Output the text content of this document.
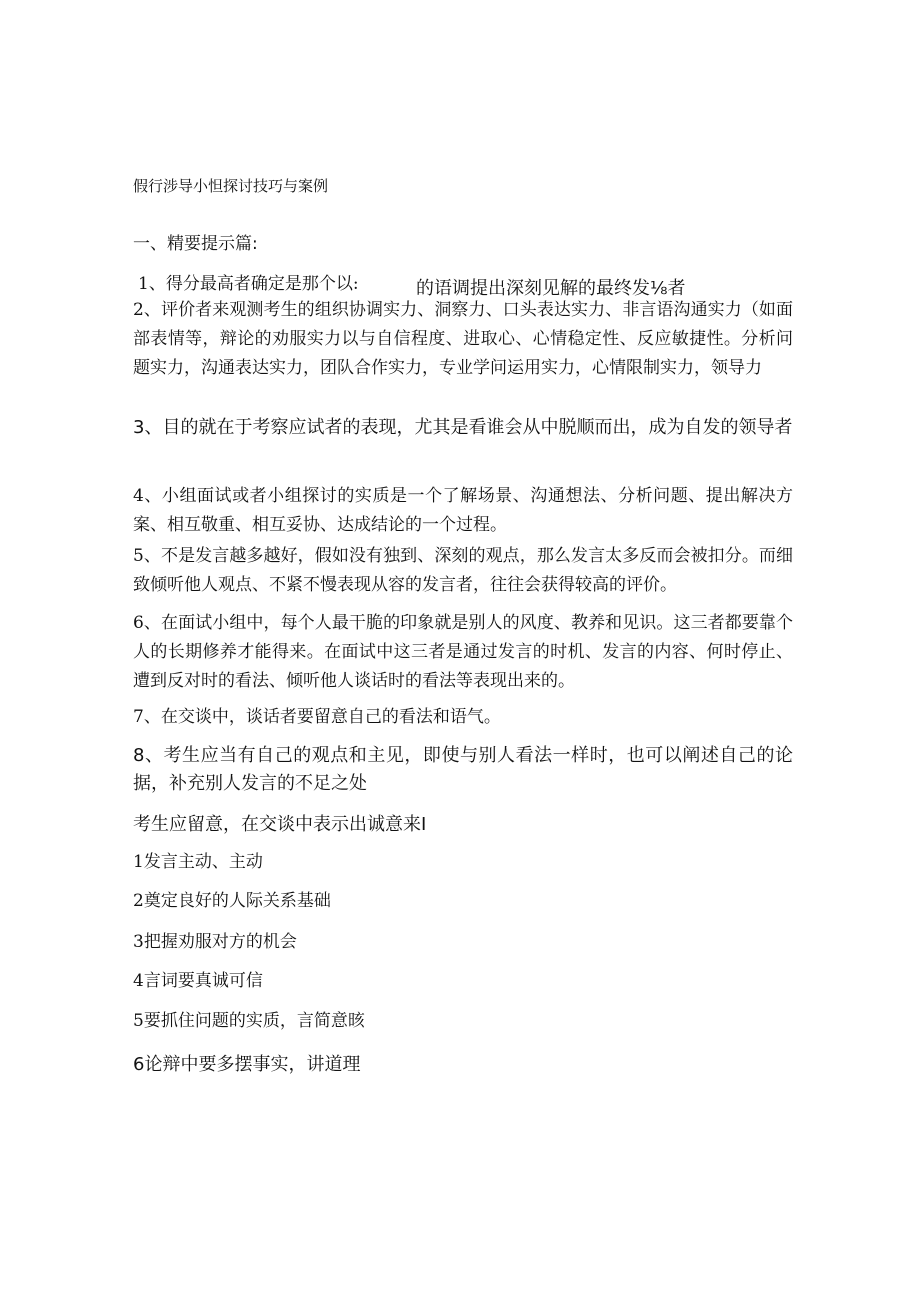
假行涉导小怛探讨技巧与案例
一、精要提示篇:
1、得分最高者确定是那个以:	的语调提出深刻见解的最终发⅛者
2、评价者来观测考生的组织协调实力、洞察力、口头表达实力、非言语沟通实力（如面部表情等，辩论的劝服实力以与自信程度、进取心、心情稳定性、反应敏捷性。分析问题实力，沟通表达实力，团队合作实力，专业学问运用实力，心情限制实力，领导力
3、目的就在于考察应试者的表现，尤其是看谁会从中脱顺而出，成为自发的领导者
4、小组面试或者小组探讨的实质是一个了解场景、沟通想法、分析问题、提出解决方案、相互敬重、相互妥协、达成结论的一个过程。
5、不是发言越多越好，假如没有独到、深刻的观点，那么发言太多反而会被扣分。而细致倾听他人观点、不紧不慢表现从容的发言者，往往会获得较高的评价。
6、在面试小组中，每个人最干脆的印象就是别人的风度、教养和见识。这三者都要靠个人的长期修养才能得来。在面试中这三者是通过发言的时机、发言的内容、何时停止、遭到反对时的看法、倾听他人谈话时的看法等表现出来的。
7、在交谈中，谈话者要留意自己的看法和语气。
8、考生应当有自己的观点和主见，即使与别人看法一样时，也可以阐述自己的论据，补充别人发言的不足之处
考生应留意，在交谈中表示出诚意来I
1发言主动、主动
2奠定良好的人际关系基础
3把握劝服对方的机会
4言词要真诚可信
5要抓住问题的实质，言简意晐
6论辩中要多摆事实，讲道理
